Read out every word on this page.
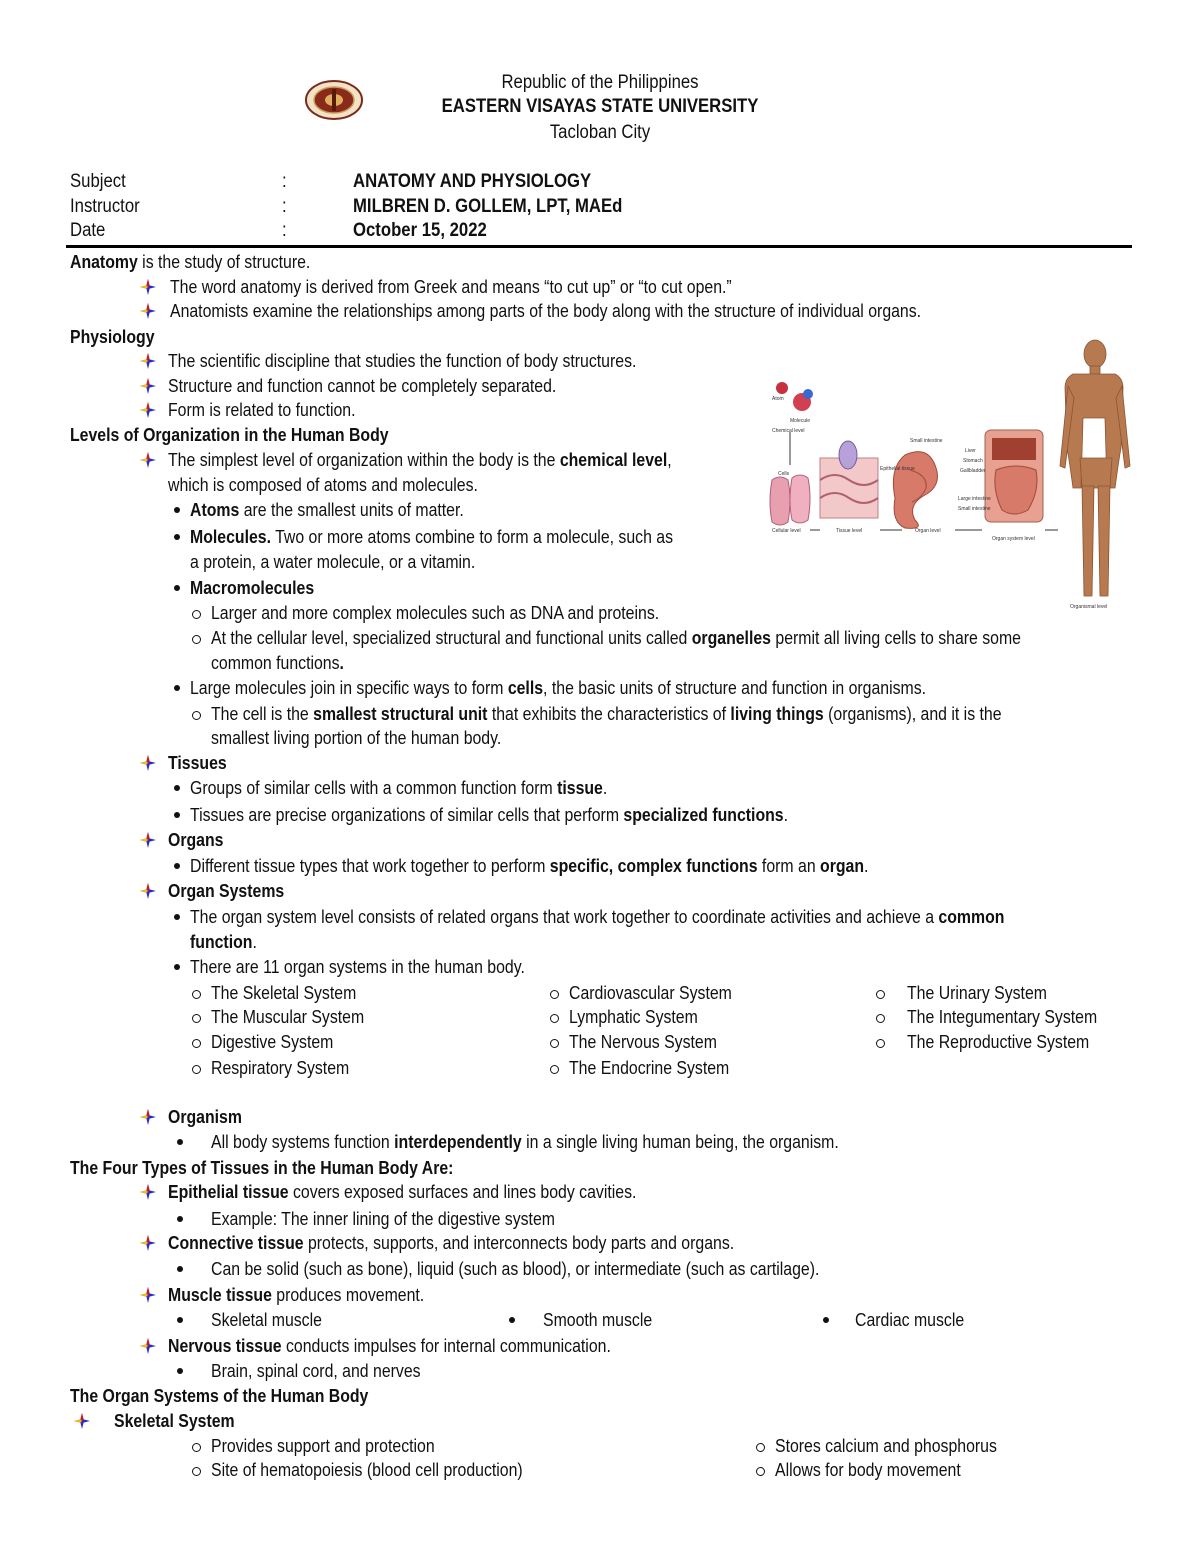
Republic of the Philippines
EASTERN VISAYAS STATE UNIVERSITY
Tacloban City
Subject	:	ANATOMY AND PHYSIOLOGY
Instructor	:	MILBREN D. GOLLEM, LPT, MAEd
Date	:	October 15, 2022
Anatomy is the study of structure.
The word anatomy is derived from Greek and means “to cut up” or “to cut open.”
Anatomists examine the relationships among parts of the body along with the structure of individual organs.
Physiology
The scientific discipline that studies the function of body structures.
Structure and function cannot be completely separated.
Form is related to function.
Levels of Organization in the Human Body
The simplest level of organization within the body is the chemical level,
which is composed of atoms and molecules.
Atoms are the smallest units of matter.
Molecules. Two or more atoms combine to form a molecule, such as
a protein, a water molecule, or a vitamin.
Macromolecules
Larger and more complex molecules such as DNA and proteins.
At the cellular level, specialized structural and functional units called organelles permit all living cells to share some
common functions.
Large molecules join in specific ways to form cells, the basic units of structure and function in organisms.
The cell is the smallest structural unit that exhibits the characteristics of living things (organisms), and it is the
smallest living portion of the human body.
Tissues
Groups of similar cells with a common function form tissue.
Tissues are precise organizations of similar cells that perform specialized functions.
Organs
Different tissue types that work together to perform specific, complex functions form an organ.
Organ Systems
The organ system level consists of related organs that work together to coordinate activities and achieve a common
function.
There are 11 organ systems in the human body.
The Skeletal System
The Muscular System
Digestive System
Respiratory System
Cardiovascular System
Lymphatic System
The Nervous System
The Endocrine System
The Urinary System
The Integumentary System
The Reproductive System
Organism
All body systems function interdependently in a single living human being, the organism.
The Four Types of Tissues in the Human Body Are:
Epithelial tissue covers exposed surfaces and lines body cavities.
Example: The inner lining of the digestive system
Connective tissue protects, supports, and interconnects body parts and organs.
Can be solid (such as bone), liquid (such as blood), or intermediate (such as cartilage).
Muscle tissue produces movement.
Skeletal muscle	Smooth muscle	Cardiac muscle
Nervous tissue conducts impulses for internal communication.
Brain, spinal cord, and nerves
The Organ Systems of the Human Body
Skeletal System
Provides support and protection
Site of hematopoiesis (blood cell production)
Stores calcium and phosphorus
Allows for body movement
Atom
Molecule
Chemical level
Cells
Cellular level	Tissue level
Epithelial tissue
Small intestine
Organ level
Liver
Stomach
Gallbladder
Large intestine
Small intestine
Organ system level
Organismal level
